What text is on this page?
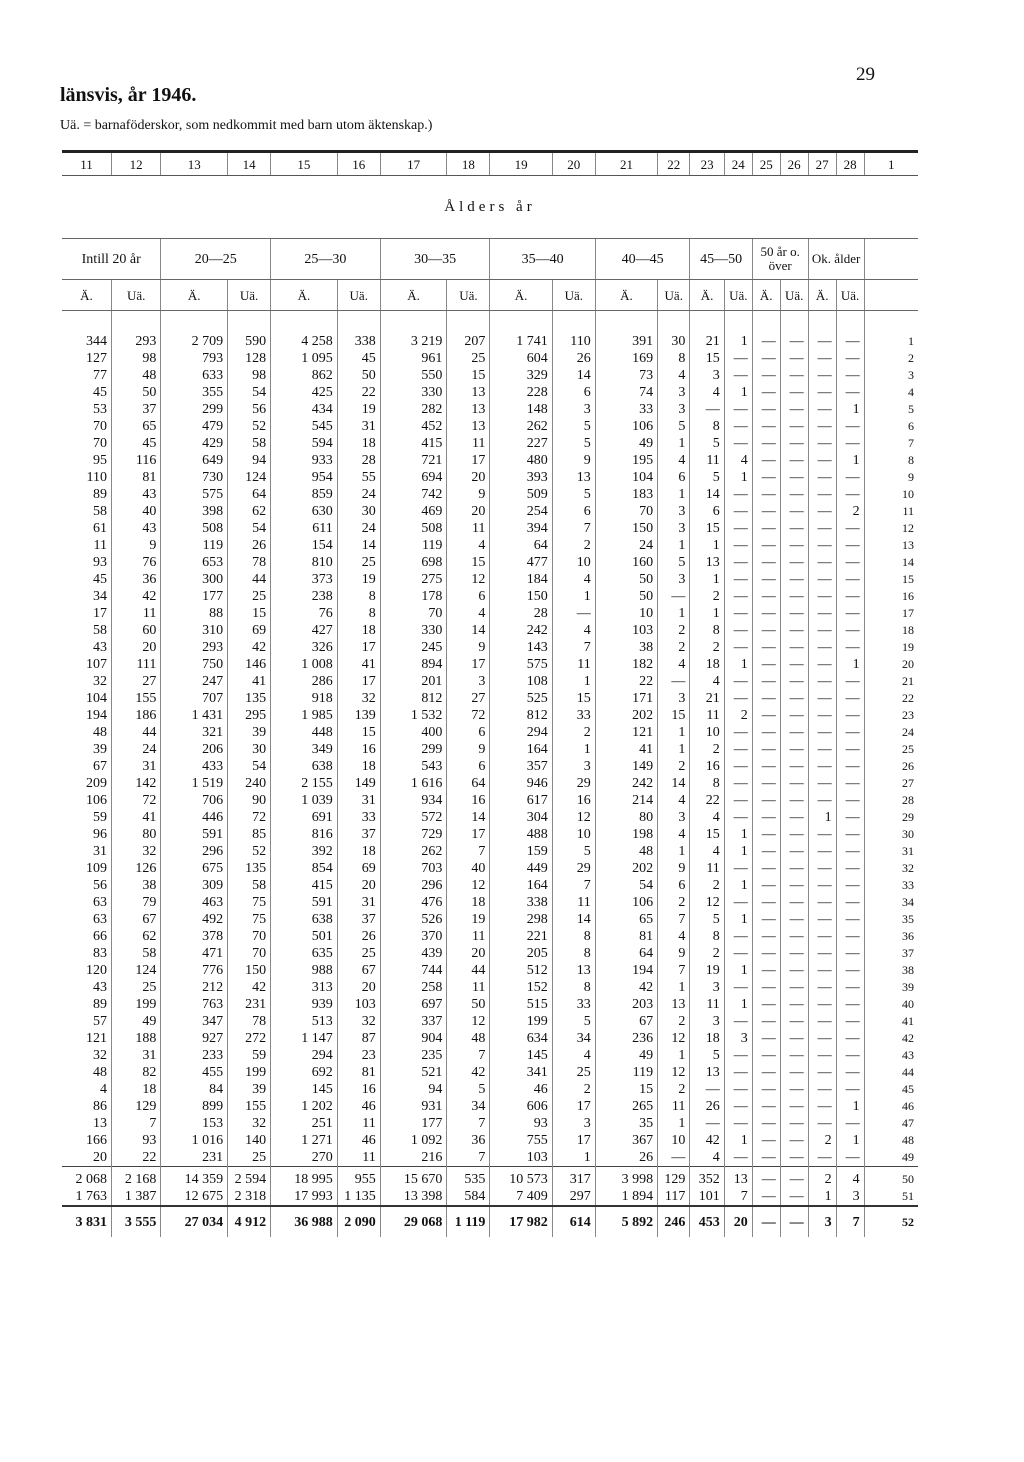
länsvis, år 1946.
29
Uä. = barnaföderskor, som nedkommit med barn utom äktenskap.)
11	12	13	14	15	16	17	18	19	20	21	22	23	24	25	26	27	28	1
Ålders år																		
Intill 20 år		20—25		25—30		30—35		35—40		40—45		45—50		50 år o. över		Ok. ålder		
Ä.	Uä.	Ä.	Uä.	Ä.	Uä.	Ä.	Uä.	Ä.	Uä.	Ä.	Uä.	Ä.	Uä.	Ä.	Uä.	Ä.	Uä.	

344	293	2 709	590	4 258	338	3 219	207	1 741	110	391	30	21	1	—	—	—	—	1
127	98	793	128	1 095	45	961	25	604	26	169	8	15	—	—	—	—	—	2
77	48	633	98	862	50	550	15	329	14	73	4	3	—	—	—	—	—	3
45	50	355	54	425	22	330	13	228	6	74	3	4	1	—	—	—	—	4
53	37	299	56	434	19	282	13	148	3	33	3	—	—	—	—	—	1	5
70	65	479	52	545	31	452	13	262	5	106	5	8	—	—	—	—	—	6
70	45	429	58	594	18	415	11	227	5	49	1	5	—	—	—	—	—	7
95	116	649	94	933	28	721	17	480	9	195	4	11	4	—	—	—	1	8
110	81	730	124	954	55	694	20	393	13	104	6	5	1	—	—	—	—	9
89	43	575	64	859	24	742	9	509	5	183	1	14	—	—	—	—	—	10
58	40	398	62	630	30	469	20	254	6	70	3	6	—	—	—	—	2	11
61	43	508	54	611	24	508	11	394	7	150	3	15	—	—	—	—	—	12
11	9	119	26	154	14	119	4	64	2	24	1	1	—	—	—	—	—	13
93	76	653	78	810	25	698	15	477	10	160	5	13	—	—	—	—	—	14
45	36	300	44	373	19	275	12	184	4	50	3	1	—	—	—	—	—	15
34	42	177	25	238	8	178	6	150	1	50	—	2	—	—	—	—	—	16
17	11	88	15	76	8	70	4	28	—	10	1	1	—	—	—	—	—	17
58	60	310	69	427	18	330	14	242	4	103	2	8	—	—	—	—	—	18
43	20	293	42	326	17	245	9	143	7	38	2	2	—	—	—	—	—	19
107	111	750	146	1 008	41	894	17	575	11	182	4	18	1	—	—	—	1	20
32	27	247	41	286	17	201	3	108	1	22	—	4	—	—	—	—	—	21
104	155	707	135	918	32	812	27	525	15	171	3	21	—	—	—	—	—	22
194	186	1 431	295	1 985	139	1 532	72	812	33	202	15	11	2	—	—	—	—	23
48	44	321	39	448	15	400	6	294	2	121	1	10	—	—	—	—	—	24
39	24	206	30	349	16	299	9	164	1	41	1	2	—	—	—	—	—	25
67	31	433	54	638	18	543	6	357	3	149	2	16	—	—	—	—	—	26
209	142	1 519	240	2 155	149	1 616	64	946	29	242	14	8	—	—	—	—	—	27
106	72	706	90	1 039	31	934	16	617	16	214	4	22	—	—	—	—	—	28
59	41	446	72	691	33	572	14	304	12	80	3	4	—	—	—	1	—	29
96	80	591	85	816	37	729	17	488	10	198	4	15	1	—	—	—	—	30
31	32	296	52	392	18	262	7	159	5	48	1	4	1	—	—	—	—	31
109	126	675	135	854	69	703	40	449	29	202	9	11	—	—	—	—	—	32
56	38	309	58	415	20	296	12	164	7	54	6	2	1	—	—	—	—	33
63	79	463	75	591	31	476	18	338	11	106	2	12	—	—	—	—	—	34
63	67	492	75	638	37	526	19	298	14	65	7	5	1	—	—	—	—	35
66	62	378	70	501	26	370	11	221	8	81	4	8	—	—	—	—	—	36
83	58	471	70	635	25	439	20	205	8	64	9	2	—	—	—	—	—	37
120	124	776	150	988	67	744	44	512	13	194	7	19	1	—	—	—	—	38
43	25	212	42	313	20	258	11	152	8	42	1	3	—	—	—	—	—	39
89	199	763	231	939	103	697	50	515	33	203	13	11	1	—	—	—	—	40
57	49	347	78	513	32	337	12	199	5	67	2	3	—	—	—	—	—	41
121	188	927	272	1 147	87	904	48	634	34	236	12	18	3	—	—	—	—	42
32	31	233	59	294	23	235	7	145	4	49	1	5	—	—	—	—	—	43
48	82	455	199	692	81	521	42	341	25	119	12	13	—	—	—	—	—	44
4	18	84	39	145	16	94	5	46	2	15	2	—	—	—	—	—	—	45
86	129	899	155	1 202	46	931	34	606	17	265	11	26	—	—	—	—	1	46
13	7	153	32	251	11	177	7	93	3	35	1	—	—	—	—	—	—	47
166	93	1 016	140	1 271	46	1 092	36	755	17	367	10	42	1	—	—	2	1	48
20	22	231	25	270	11	216	7	103	1	26	—	4	—	—	—	—	—	49
2 068	2 168	14 359	2 594	18 995	955	15 670	535	10 573	317	3 998	129	352	13	—	—	2	4	50
1 763	1 387	12 675	2 318	17 993	1 135	13 398	584	7 409	297	1 894	117	101	7	—	—	1	3	51
3 831	3 555	27 034	4 912	36 988	2 090	29 068	1 119	17 982	614	5 892	246	453	20	—	—	3	7	52
